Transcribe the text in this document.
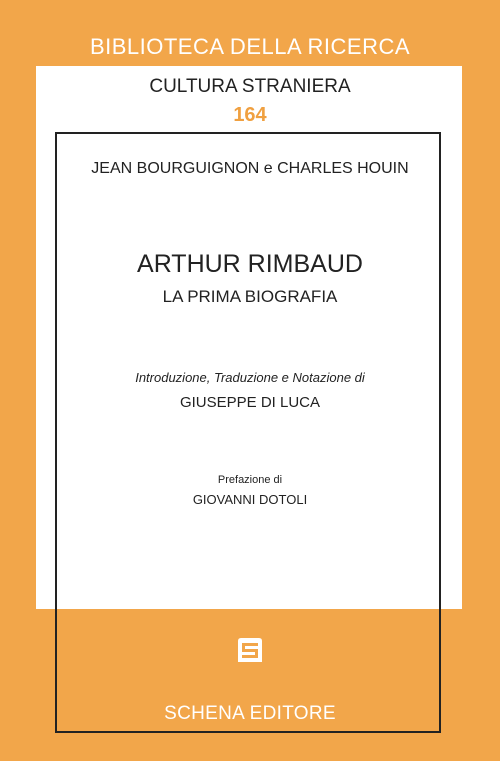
BIBLIOTECA DELLA RICERCA
CULTURA STRANIERA
164
JEAN BOURGUIGNON e CHARLES HOUIN
ARTHUR RIMBAUD
LA PRIMA BIOGRAFIA
Introduzione, Traduzione e Notazione di
GIUSEPPE DI LUCA
Prefazione di
GIOVANNI DOTOLI
SCHENA EDITORE
